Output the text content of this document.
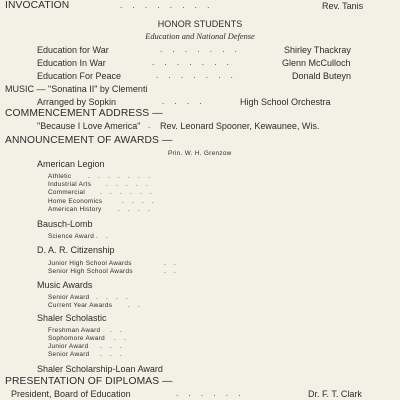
INVOCATION	. . . . . . . .	Rev. Tanis
HONOR STUDENTS
Education and National Defense
Education for War	. . . . . . .	Shirley Thackray
Education In War	. . . . . . .	Glenn McCulloch
Education For Peace	. . . . . . .	Donald Buteyn
MUSIC — "Sonatina II" by Clementi
Arranged by Sopkin	. . . .	High School Orchestra
COMMENCEMENT ADDRESS —
"Because I Love America" . Rev. Leonard Spooner, Kewaunee, Wis.
ANNOUNCEMENT OF AWARDS —
Prin. W. H. Grenzow
American Legion
Athletic	. . . . . . .
Industrial Arts . . . . .
Commercial . . . . . .
Home Economics	. . . .
American History	. . . .
Bausch-Lomb
Science Award . .
D. A. R. Citizenship
Junior High School Awards	. .
Senior High School Awards	. .
Music Awards
Senior Award . . . .
Current Year Awards . .
Shaler Scholastic
Freshman Award . .
Sophomore Award . .
Junior Award . . .
Senior Award . . .
Shaler Scholarship-Loan Award
PRESENTATION OF DIPLOMAS —
President, Board of Education	. . . . . .	Dr. F. T. Clark
